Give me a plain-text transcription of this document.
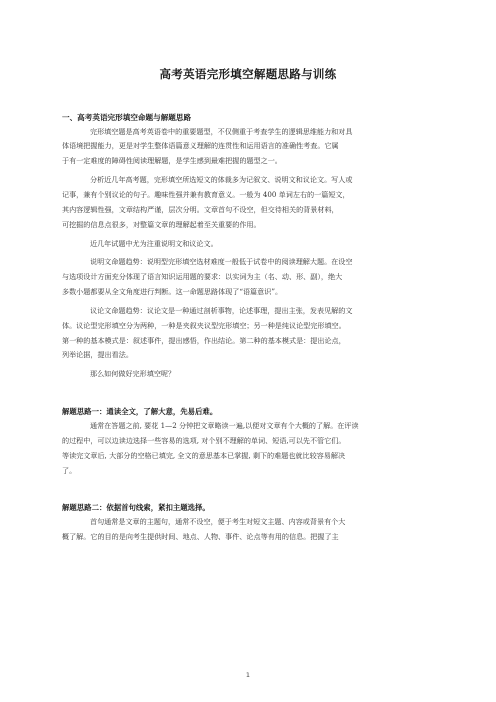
高考英语完形填空解题思路与训练
一、高考英语完形填空命题与解题思路
完形填空题是高考英语卷中的重要题型，不仅侧重于考查学生的逻辑思维能力和对具
体语境把握能力，更是对学生整体语篇意义理解的连贯性和运用语言的准确性考查。它属
于有一定难度的障碍性阅读理解题，是学生感到最难把握的题型之一。
分析近几年高考题，完形填空所选短文的体裁多为记叙文、说明文和议论文。写人或
记事，兼有个别议论的句子。趣味性强并兼有教育意义。一般为 400 单词左右的一篇短文，
其内容逻辑性强，文章结构严谨，层次分明。文章首句不设空，但交待相关的背景材料，
可挖掘的信息点很多，对整篇文章的理解起着至关重要的作用。
近几年试题中尤为注重说明文和议论文。
说明文命题趋势：说明型完形填空选材难度一般低于试卷中的阅读理解大题。在设空
与选项设计方面充分体现了语言知识运用题的要求：以实词为主（名、动、形、副），绝大
多数小题都要从全文角度进行判断。这一命题思路体现了“语篇意识”。
议论文命题趋势：议论文是一种通过剖析事物，论述事理，提出主张，发表见解的文
体。议论型完形填空分为两种，一种是夹叙夹议型完形填空；另一种是纯议论型完形填空。
第一种的基本模式是：叙述事件，提出感悟，作出结论。第二种的基本模式是：提出论点，
列举论据，提出看法。
那么如何做好完形填空呢？
解题思路一：通读全文，了解大意，先易后难。
通常在答题之前, 要花 1—2 分钟把文章略读一遍,以便对文章有个大概的了解。在评读
的过程中，可以边读边选择一些容易的选项, 对个别不理解的单词、短语,可以先不管它们。
等读完文章后, 大部分的空格已填完, 全文的意思基本已掌握, 剩下的难题也就比较容易解决
了。
解题思路二：依据首句线索，紧扣主题选择。
首句通常是文章的主题句，通常不设空，便于考生对短文主题、内容或背景有个大
概了解。它的目的是向考生提供时间、地点、人物、事件、论点等有用的信息。把握了主
1
